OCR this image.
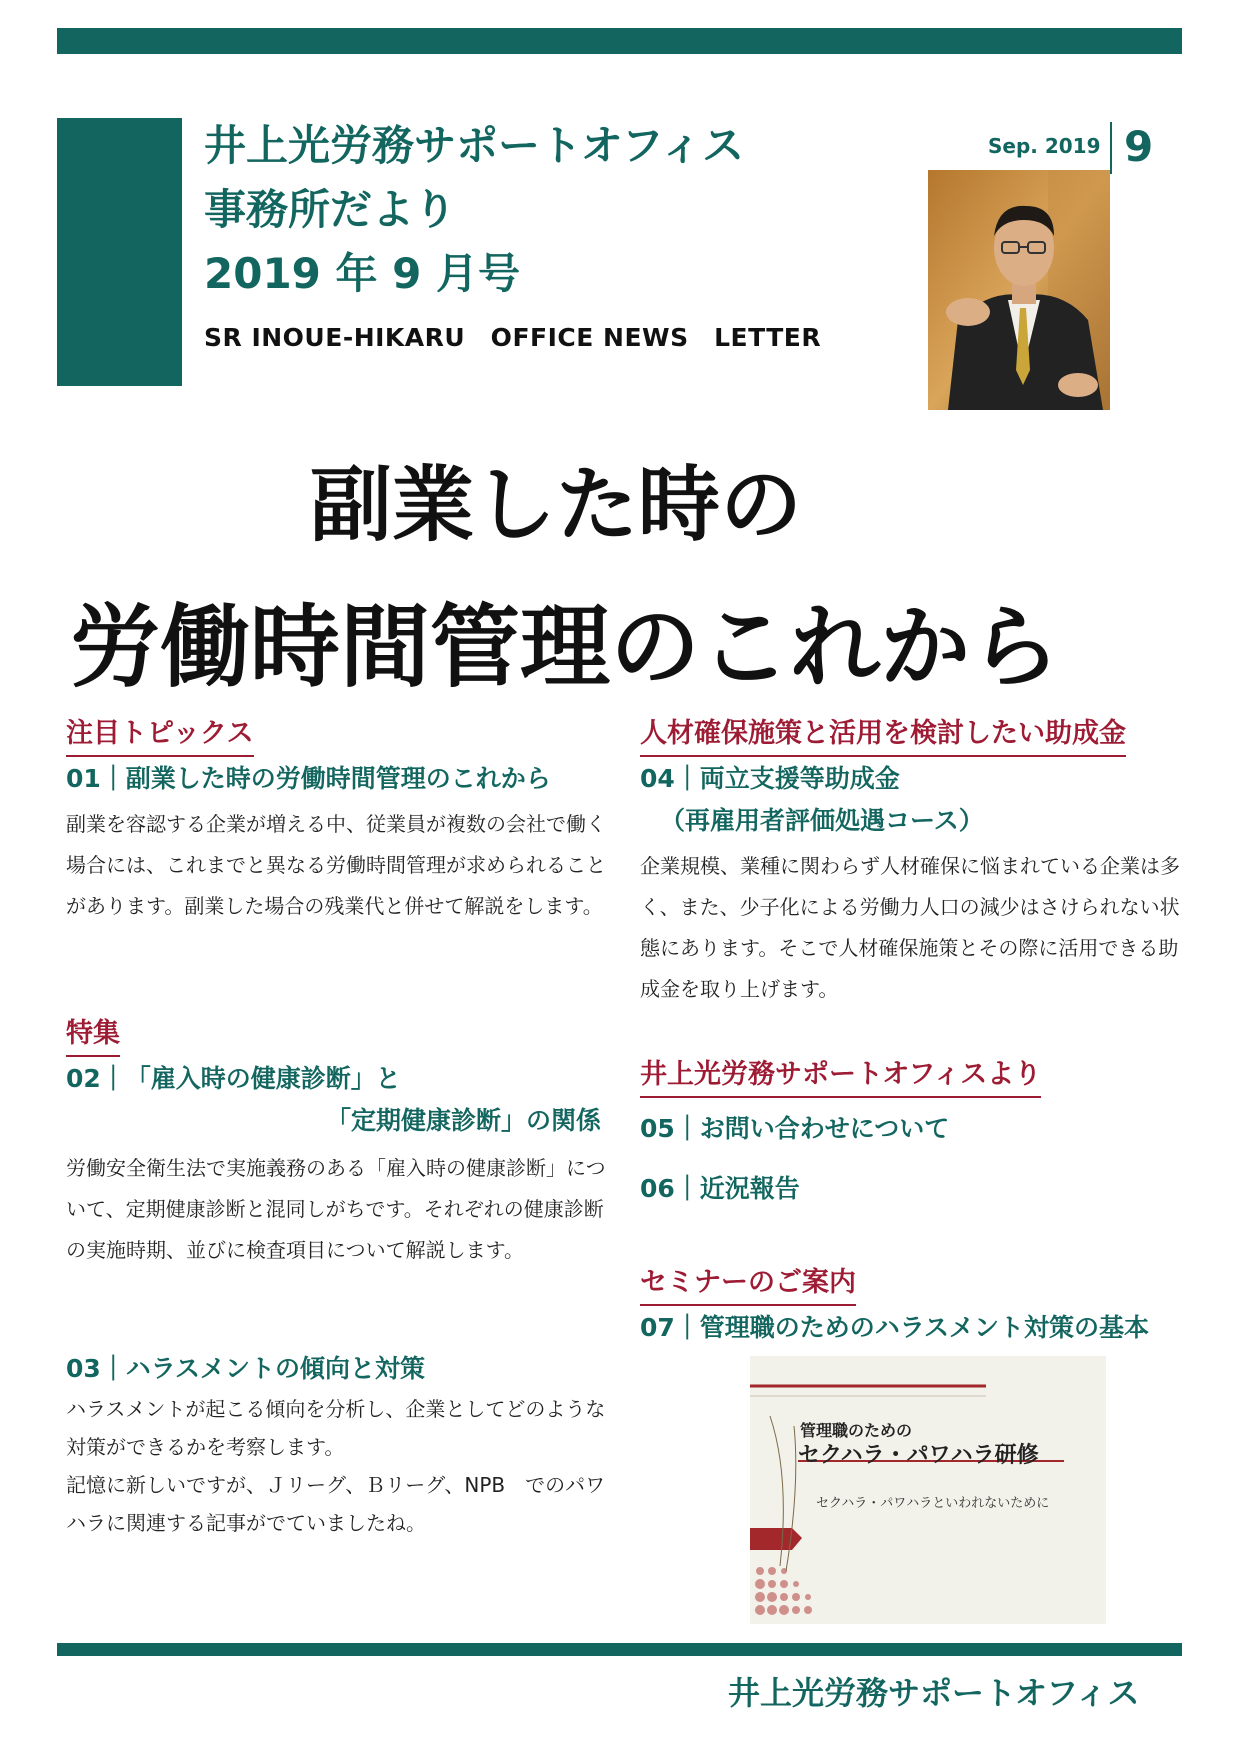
井上光労務サポートオフィス
事務所だより
2019 年 9 月号
SR INOUE-HIKARU　OFFICE NEWS　LETTER
Sep. 2019 9
副業した時の
労働時間管理のこれから
注目トピックス
01｜副業した時の労働時間管理のこれから
副業を容認する企業が増える中、従業員が複数の会社で働く場合には、これまでと異なる労働時間管理が求められることがあります。副業した場合の残業代と併せて解説をします。
特集
02｜「雇入時の健康診断」と
「定期健康診断」の関係
労働安全衛生法で実施義務のある「雇入時の健康診断」について、定期健康診断と混同しがちです。それぞれの健康診断の実施時期、並びに検査項目について解説します。
03｜ハラスメントの傾向と対策
ハラスメントが起こる傾向を分析し、企業としてどのような対策ができるかを考察します。
記憶に新しいですが、Ｊリーグ、Ｂリーグ、NPB　でのパワハラに関連する記事がでていましたね。
人材確保施策と活用を検討したい助成金
04｜両立支援等助成金
（再雇用者評価処遇コース）
企業規模、業種に関わらず人材確保に悩まれている企業は多く、また、少子化による労働力人口の減少はさけられない状態にあります。そこで人材確保施策とその際に活用できる助成金を取り上げます。
井上光労務サポートオフィスより
05｜お問い合わせについて
06｜近況報告
セミナーのご案内
07｜管理職のためのハラスメント対策の基本
管理職のための
セクハラ・パワハラ研修
セクハラ・パワハラといわれないために
井上光労務サポートオフィス
